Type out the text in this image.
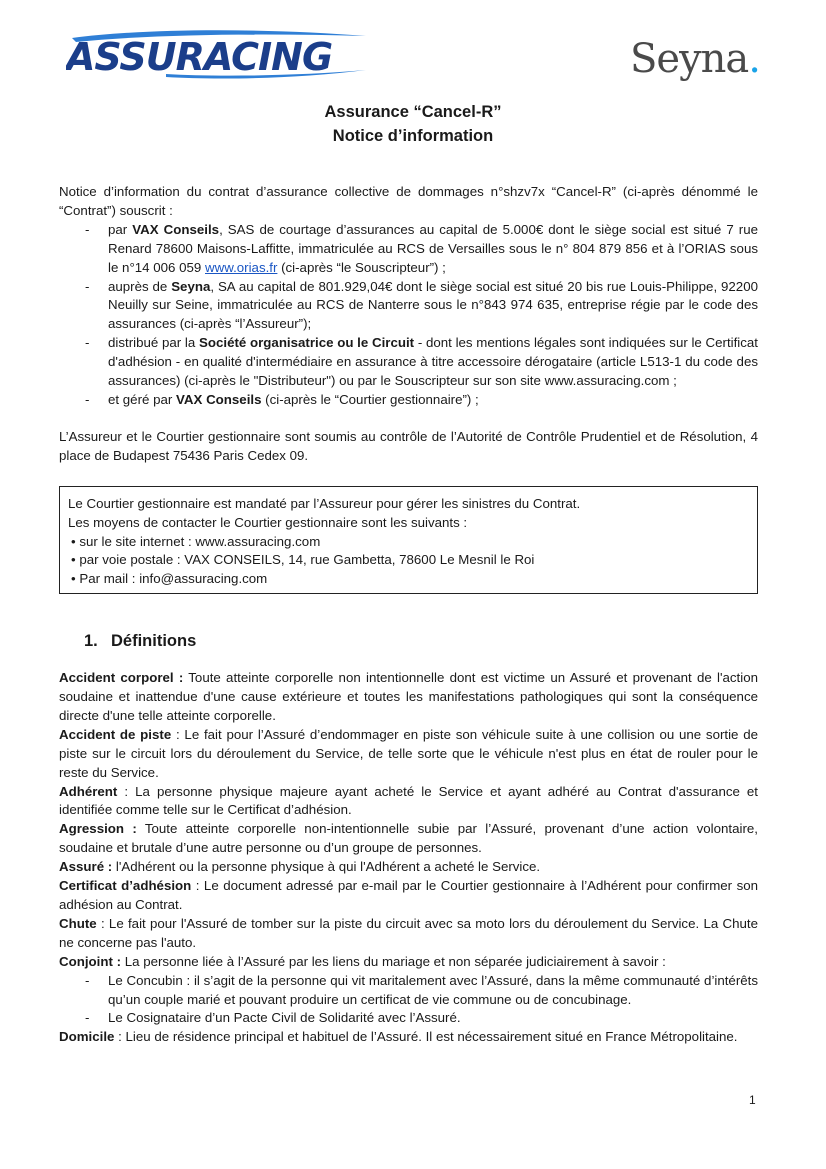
ASSURACING	Seyna.
Assurance “Cancel-R”
Notice d’information

Notice d’information du contrat d’assurance collective de dommages n°shzv7x “Cancel-R” (ci-après dénommé le “Contrat”) souscrit :

- par VAX Conseils, SAS de courtage d’assurances au capital de 5.000€ dont le siège social est situé 7 rue Renard 78600 Maisons-Laffitte, immatriculée au RCS de Versailles sous le n° 804 879 856 et à l’ORIAS sous le n°14 006 059 www.orias.fr (ci-après “le Souscripteur”) ;
- auprès de Seyna, SA au capital de 801.929,04€ dont le siège social est situé 20 bis rue Louis-Philippe, 92200 Neuilly sur Seine, immatriculée au RCS de Nanterre sous le n°843 974 635, entreprise régie par le code des assurances (ci-après “l’Assureur”);
- distribué par la Société organisatrice ou le Circuit - dont les mentions légales sont indiquées sur le Certificat d'adhésion - en qualité d'intermédiaire en assurance à titre accessoire dérogataire (article L513-1 du code des assurances) (ci-après le "Distributeur") ou par le Souscripteur sur son site www.assuracing.com ;
- et géré par VAX Conseils (ci-après le “Courtier gestionnaire”) ;

L’Assureur et le Courtier gestionnaire sont soumis au contrôle de l’Autorité de Contrôle Prudentiel et de Résolution, 4 place de Budapest 75436 Paris Cedex 09.

Le Courtier gestionnaire est mandaté par l’Assureur pour gérer les sinistres du Contrat.
Les moyens de contacter le Courtier gestionnaire sont les suivants :
• sur le site internet : www.assuracing.com
• par voie postale : VAX CONSEILS, 14, rue Gambetta, 78600 Le Mesnil le Roi
• Par mail : info@assuracing.com
1. Définitions

Accident corporel : Toute atteinte corporelle non intentionnelle dont est victime un Assuré et provenant de l'action soudaine et inattendue d'une cause extérieure et toutes les manifestations pathologiques qui sont la conséquence directe d'une telle atteinte corporelle.

Accident de piste : Le fait pour l’Assuré d’endommager en piste son véhicule suite à une collision ou une sortie de piste sur le circuit lors du déroulement du Service, de telle sorte que le véhicule n'est plus en état de rouler pour le reste du Service.

Adhérent : La personne physique majeure ayant acheté le Service et ayant adhéré au Contrat d'assurance et identifiée comme telle sur le Certificat d’adhésion.

Agression : Toute atteinte corporelle non-intentionnelle subie par l’Assuré, provenant d’une action volontaire, soudaine et brutale d’une autre personne ou d’un groupe de personnes.

Assuré : l'Adhérent ou la personne physique à qui l'Adhérent a acheté le Service.

Certificat d’adhésion : Le document adressé par e-mail par le Courtier gestionnaire à l’Adhérent pour confirmer son adhésion au Contrat.

Chute : Le fait pour l'Assuré de tomber sur la piste du circuit avec sa moto lors du déroulement du Service. La Chute ne concerne pas l'auto.

Conjoint : La personne liée à l’Assuré par les liens du mariage et non séparée judiciairement à savoir :

- Le Concubin : il s’agit de la personne qui vit maritalement avec l’Assuré, dans la même communauté d’intérêts qu’un couple marié et pouvant produire un certificat de vie commune ou de concubinage.
- Le Cosignataire d’un Pacte Civil de Solidarité avec l’Assuré.

Domicile : Lieu de résidence principal et habituel de l’Assuré. Il est nécessairement situé en France Métropolitaine.

1
